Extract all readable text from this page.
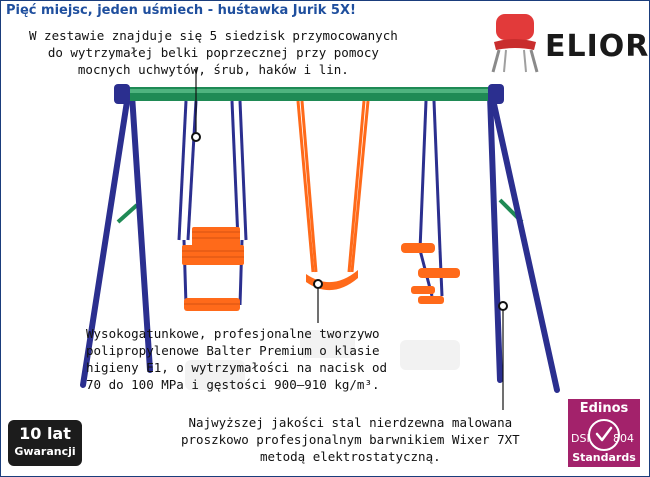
Pięć miejsc, jeden uśmiech - huśtawka Jurik 5X!
ELIOR
W zestawie znajduje się 5 siedzisk przymocowanych
do wytrzymałej belki poprzecznej przy pomocy
mocnych uchwytów, śrub, haków i lin.
Wysokogatunkowe, profesjonalne tworzywo
polipropylenowe Balter Premium o klasie
higieny E1, o wytrzymałości na nacisk od
70 do 100 MPa i gęstości 900–910 kg/m³.
Najwyższej jakości stal nierdzewna malowana
proszkowo profesjonalnym barwnikiem Wixer 7XT
metodą elektrostatyczną.
10 lat
Gwarancji
Edinos
DSI 804
Standards
